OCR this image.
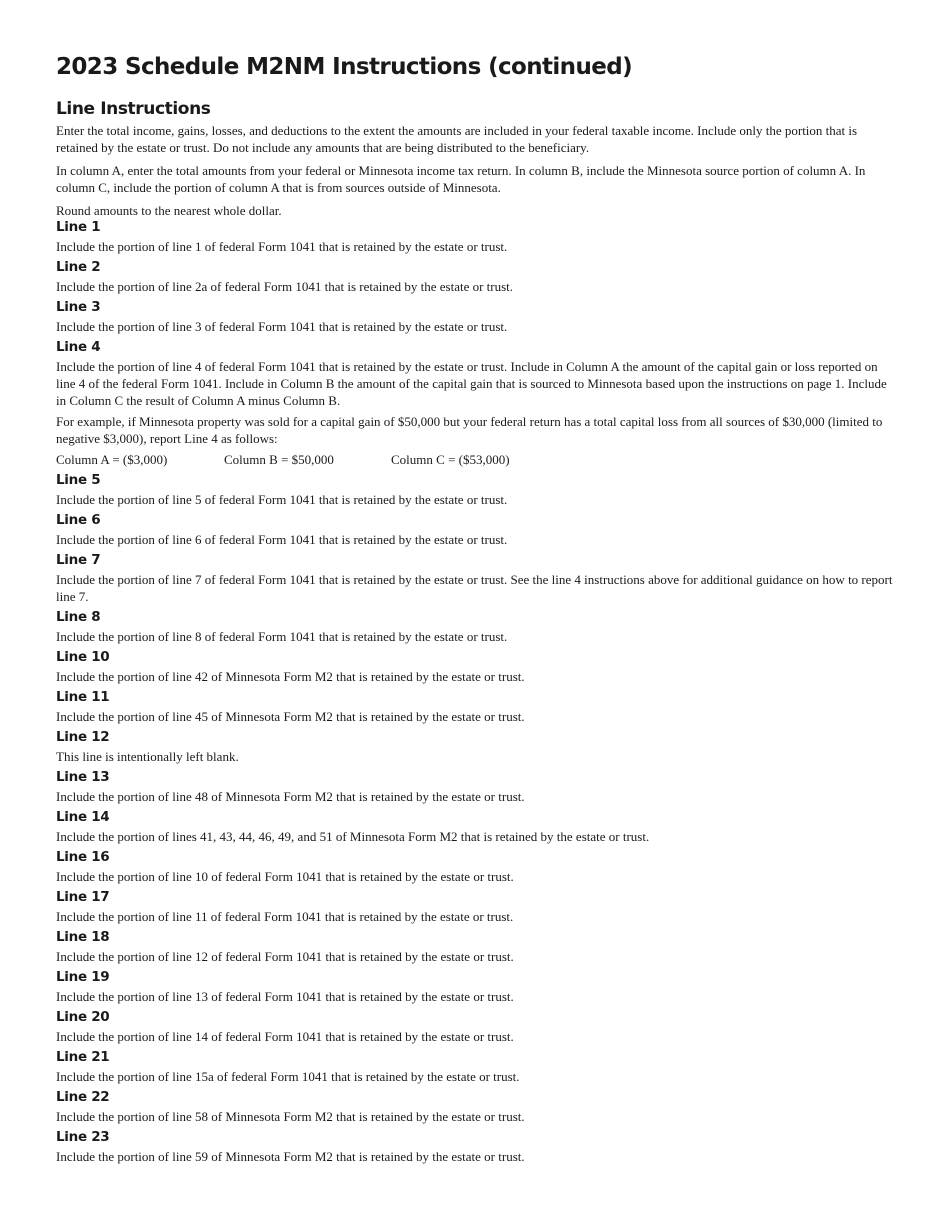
2023 Schedule M2NM Instructions (continued)
Line Instructions

Enter the total income, gains, losses, and deductions to the extent the amounts are included in your federal taxable income. Include only the portion that is retained by the estate or trust. Do not include any amounts that are being distributed to the beneficiary.

In column A, enter the total amounts from your federal or Minnesota income tax return. In column B, include the Minnesota source portion of column A. In column C, include the portion of column A that is from sources outside of Minnesota.

Round amounts to the nearest whole dollar.

Line 1
Include the portion of line 1 of federal Form 1041 that is retained by the estate or trust.
Line 2
Include the portion of line 2a of federal Form 1041 that is retained by the estate or trust.
Line 3
Include the portion of line 3 of federal Form 1041 that is retained by the estate or trust.
Line 4
Include the portion of line 4 of federal Form 1041 that is retained by the estate or trust. Include in Column A the amount of the capital gain or loss reported on line 4 of the federal Form 1041. Include in Column B the amount of the capital gain that is sourced to Minnesota based upon the instructions on page 1. Include in Column C the result of Column A minus Column B.
For example, if Minnesota property was sold for a capital gain of $50,000 but your federal return has a total capital loss from all sources of $30,000 (limited to negative $3,000), report Line 4 as follows:
Column A = ($3,000)	Column B = $50,000	Column C = ($53,000)
Line 5
Include the portion of line 5 of federal Form 1041 that is retained by the estate or trust.
Line 6
Include the portion of line 6 of federal Form 1041 that is retained by the estate or trust.
Line 7
Include the portion of line 7 of federal Form 1041 that is retained by the estate or trust. See the line 4 instructions above for additional guidance on how to report line 7.
Line 8
Include the portion of line 8 of federal Form 1041 that is retained by the estate or trust.
Line 10
Include the portion of line 42 of Minnesota Form M2 that is retained by the estate or trust.
Line 11
Include the portion of line 45 of Minnesota Form M2 that is retained by the estate or trust.
Line 12
This line is intentionally left blank.
Line 13
Include the portion of line 48 of Minnesota Form M2 that is retained by the estate or trust.
Line 14
Include the portion of lines 41, 43, 44, 46, 49, and 51 of Minnesota Form M2 that is retained by the estate or trust.
Line 16
Include the portion of line 10 of federal Form 1041 that is retained by the estate or trust.
Line 17
Include the portion of line 11 of federal Form 1041 that is retained by the estate or trust.
Line 18
Include the portion of line 12 of federal Form 1041 that is retained by the estate or trust.
Line 19
Include the portion of line 13 of federal Form 1041 that is retained by the estate or trust.
Line 20
Include the portion of line 14 of federal Form 1041 that is retained by the estate or trust.
Line 21
Include the portion of line 15a of federal Form 1041 that is retained by the estate or trust.
Line 22
Include the portion of line 58 of Minnesota Form M2 that is retained by the estate or trust.
Line 23
Include the portion of line 59 of Minnesota Form M2 that is retained by the estate or trust.
